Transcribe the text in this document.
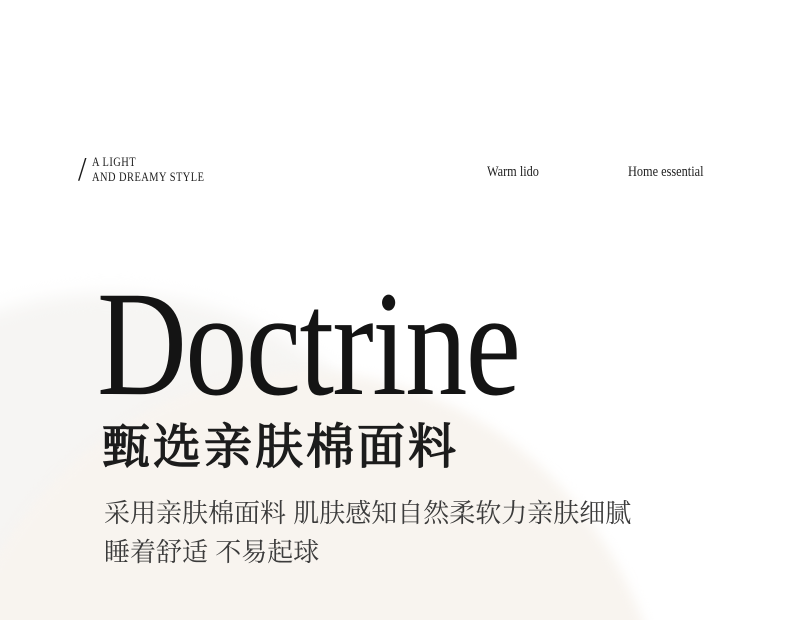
/ A LIGHT
AND DREAMY STYLE	Warm lido	Home essential
Doctrine
甄选亲肤棉面料

采用亲肤棉面料 肌肤感知自然柔软力亲肤细腻
睡着舒适 不易起球
